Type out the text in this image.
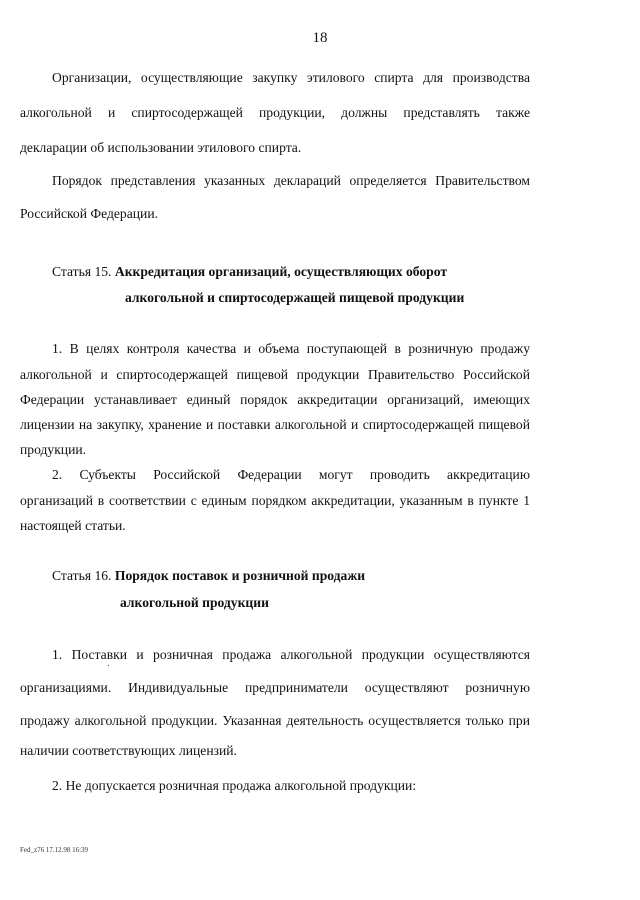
18
Организации, осуществляющие закупку этилового спирта для производства
алкогольной и спиртосодержащей продукции, должны представлять также
декларации об использовании этилового спирта.
Порядок представления указанных деклараций определяется Правительством
Российской Федерации.
Статья 15. Аккредитация организаций, осуществляющих оборот
алкогольной и спиртосодержащей пищевой продукции
1. В целях контроля качества и объема поступающей в розничную продажу
алкогольной и спиртосодержащей пищевой продукции Правительство Российской
Федерации устанавливает единый порядок аккредитации организаций, имеющих
лицензии на закупку, хранение и поставки алкогольной и спиртосодержащей пищевой
продукции.
2. Субъекты Российской Федерации могут проводить аккредитацию
организаций в соответствии с единым порядком аккредитации, указанным в пункте 1
настоящей статьи.
Статья 16. Порядок поставок и розничной продажи
алкогольной продукции
1. Поставки и розничная продажа алкогольной продукции осуществляются
организациями. Индивидуальные предприниматели осуществляют розничную
продажу алкогольной продукции. Указанная деятельность осуществляется только при
наличии соответствующих лицензий.
2. Не допускается розничная продажа алкогольной продукции:
Fed_z76 17.12.98 16:39
